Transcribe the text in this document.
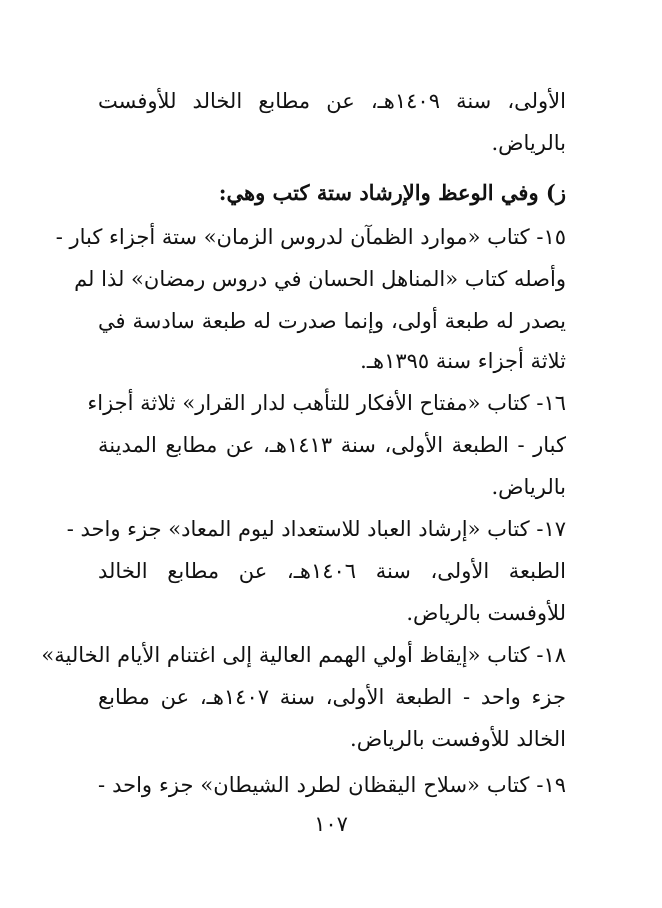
الأولى، سنة ١٤٠٩هـ، عن مطابع الخالد للأوفست
بالرياض.
ز) وفي الوعظ والإرشاد ستة كتب وهي:
١٥- كتاب «موارد الظمآن لدروس الزمان» ستة أجزاء كبار -
وأصله كتاب «المناهل الحسان في دروس رمضان» لذا لم
يصدر له طبعة أولى، وإنما صدرت له طبعة سادسة في
ثلاثة أجزاء سنة ١٣٩٥هـ.
١٦- كتاب «مفتاح الأفكار للتأهب لدار القرار» ثلاثة أجزاء
كبار - الطبعة الأولى، سنة ١٤١٣هـ، عن مطابع المدينة
بالرياض.
١٧- كتاب «إرشاد العباد للاستعداد ليوم المعاد» جزء واحد -
الطبعة الأولى، سنة ١٤٠٦هـ، عن مطابع الخالد
للأوفست بالرياض.
١٨- كتاب «إيقاظ أولي الهمم العالية إلى اغتنام الأيام الخالية»
جزء واحد - الطبعة الأولى، سنة ١٤٠٧هـ، عن مطابع
الخالد للأوفست بالرياض.
١٩- كتاب «سلاح اليقظان لطرد الشيطان» جزء واحد -
١٠٧
